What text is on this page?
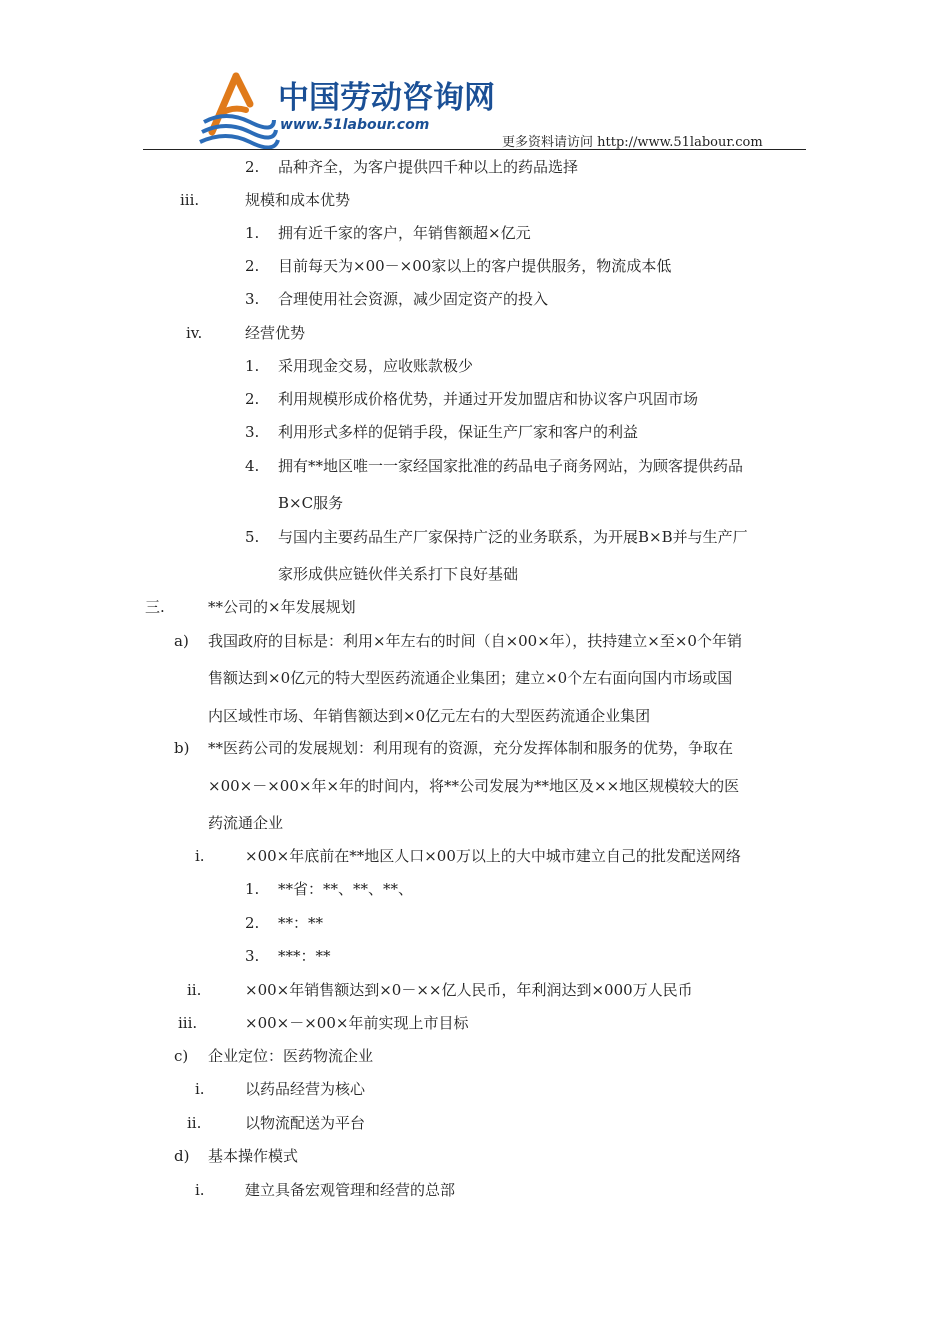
中国劳动咨询网
www.51labour.com
更多资料请访问 http://www.51labour.com
2. 品种齐全，为客户提供四千种以上的药品选择
iii.	规模和成本优势
1. 拥有近千家的客户，年销售额超×亿元
2. 目前每天为×00－×00家以上的客户提供服务，物流成本低
3. 合理使用社会资源，减少固定资产的投入
iv.	经营优势
1. 采用现金交易，应收账款极少
2. 利用规模形成价格优势，并通过开发加盟店和协议客户巩固市场
3. 利用形式多样的促销手段，保证生产厂家和客户的利益
4. 拥有**地区唯一一家经国家批准的药品电子商务网站，为顾客提供药品
B×C服务
5. 与国内主要药品生产厂家保持广泛的业务联系，为开展B×B并与生产厂
家形成供应链伙伴关系打下良好基础
三.	**公司的×年发展规划
a) 我国政府的目标是：利用×年左右的时间（自×00×年），扶持建立×至×0个年销
售额达到×0亿元的特大型医药流通企业集团；建立×0个左右面向国内市场或国
内区域性市场、年销售额达到×0亿元左右的大型医药流通企业集团
b) **医药公司的发展规划：利用现有的资源，充分发挥体制和服务的优势，争取在
×00×－×00×年×年的时间内，将**公司发展为**地区及××地区规模较大的医
药流通企业
i.	×00×年底前在**地区人口×00万以上的大中城市建立自己的批发配送网络
1. **省：**、**、**、
2. **：**
3. ***：**
ii.	×00×年销售额达到×0－××亿人民币，年利润达到×000万人民币
iii.	×00×－×00×年前实现上市目标
c) 企业定位：医药物流企业
i.	以药品经营为核心
ii.	以物流配送为平台
d) 基本操作模式
i.	建立具备宏观管理和经营的总部
